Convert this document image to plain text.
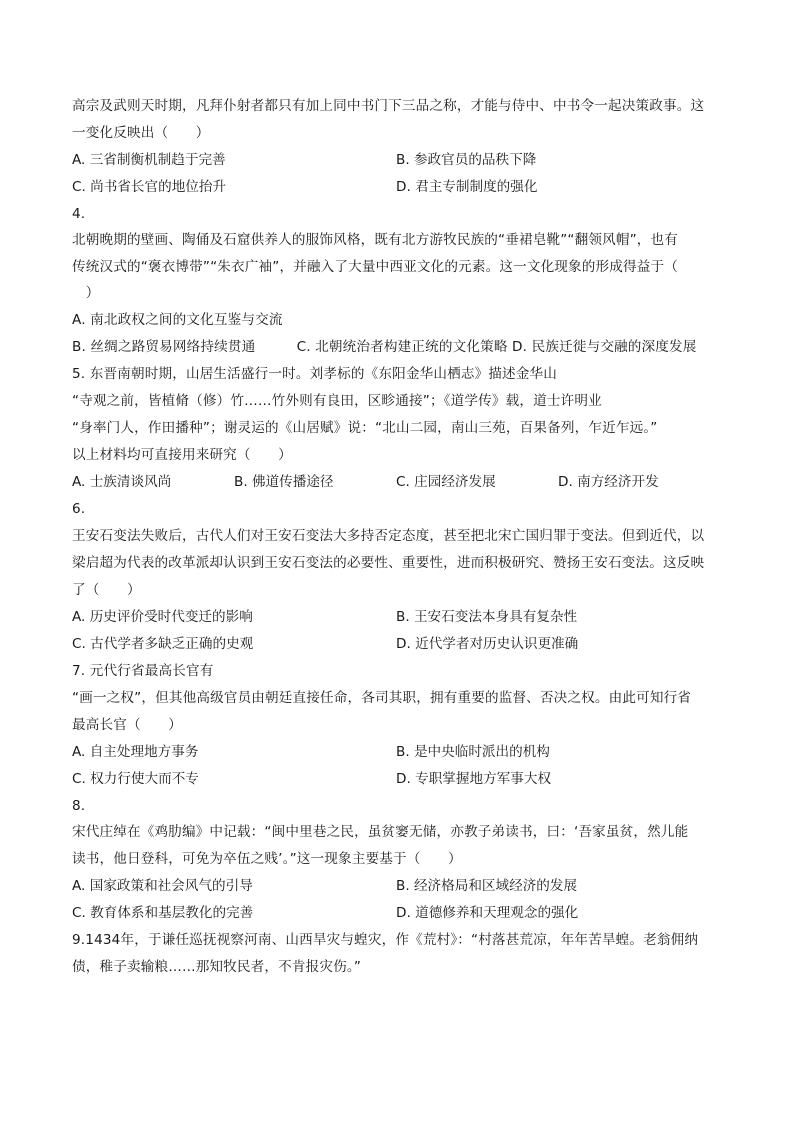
高宗及武则天时期，凡拜仆射者都只有加上同中书门下三品之称，才能与侍中、中书令一起决策政事。这
一变化反映出（　　）
A. 三省制衡机制趋于完善	B. 参政官员的品秩下降
C. 尚书省长官的地位抬升	D. 君主专制制度的强化
4.
北朝晚期的壁画、陶俑及石窟供养人的服饰风格，既有北方游牧民族的“垂裙皂靴”“翻领风帽”，也有
传统汉式的“褒衣博带”“朱衣广袖”，并融入了大量中西亚文化的元素。这一文化现象的形成得益于（
　）
A. 南北政权之间的文化互鉴与交流
B. 丝绸之路贸易网络持续贯通　　　C. 北朝统治者构建正统的文化策略 D. 民族迁徙与交融的深度发展
5. 东晋南朝时期，山居生活盛行一时。刘孝标的《东阳金华山栖志》描述金华山
“寺观之前，皆植脩（修）竹……竹外则有良田，区畛通接”；《道学传》载，道士许明业
“身率门人，作田播种”；谢灵运的《山居赋》说：“北山二园，南山三苑，百果备列，乍近乍远。”
以上材料均可直接用来研究（　　）
A. 士族清谈风尚	B. 佛道传播途径	C. 庄园经济发展	D. 南方经济开发
6.
王安石变法失败后，古代人们对王安石变法大多持否定态度，甚至把北宋亡国归罪于变法。但到近代，以
梁启超为代表的改革派却认识到王安石变法的必要性、重要性，进而积极研究、赞扬王安石变法。这反映
了（　　）
A. 历史评价受时代变迁的影响	B. 王安石变法本身具有复杂性
C. 古代学者多缺乏正确的史观	D. 近代学者对历史认识更准确
7. 元代行省最高长官有
“画一之权”，但其他高级官员由朝廷直接任命，各司其职，拥有重要的监督、否决之权。由此可知行省
最高长官（　　）
A. 自主处理地方事务	B. 是中央临时派出的机构
C. 权力行使大而不专	D. 专职掌握地方军事大权
8.
宋代庄绰在《鸡肋编》中记载：“闽中里巷之民，虽贫窭无储，亦教子弟读书，曰：‘吾家虽贫，然儿能
读书，他日登科，可免为卒伍之贱’。”这一现象主要基于（　　）
A. 国家政策和社会风气的引导	B. 经济格局和区域经济的发展
C. 教育体系和基层教化的完善	D. 道德修养和天理观念的强化
9.1434年，于谦任巡抚视察河南、山西旱灾与蝗灾，作《荒村》：“村落甚荒凉，年年苦旱蝗。老翁佣纳
债，稚子卖输粮……那知牧民者，不肯报灾伤。”
